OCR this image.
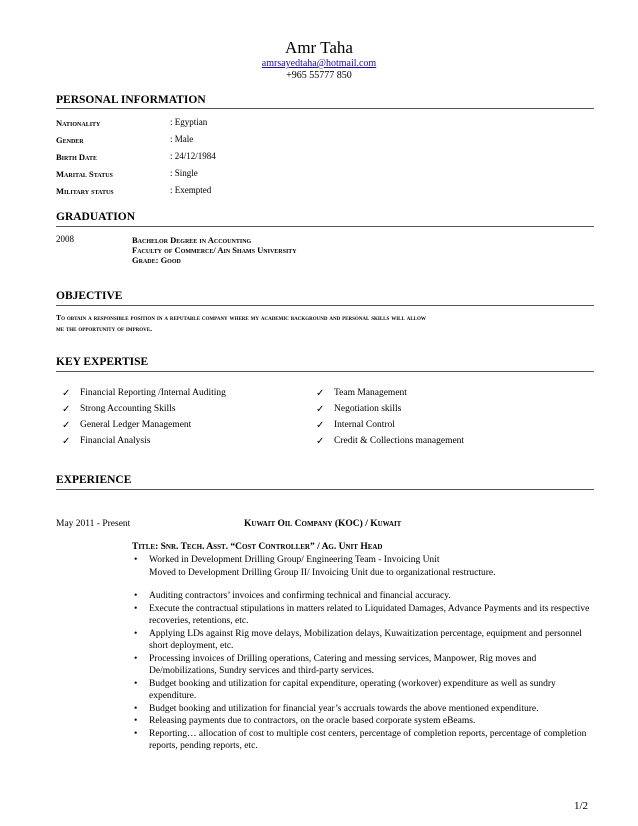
Amr Taha
amrsayedtaha@hotmail.com
+965 55777 850
PERSONAL INFORMATION
Nationality	: Egyptian
Gender	: Male
Birth Date	: 24/12/1984
Marital Status	: Single
Military status	: Exempted
GRADUATION
2008	Bachelor Degree in Accounting
Faculty of Commerce/ Ain Shams University
Grade: Good
OBJECTIVE
To obtain a responsible position in a reputable company where my academic background and personal skills will allow
me the opportunity of improve.
KEY EXPERTISE
✓ Financial Reporting /Internal Auditing
✓ Strong Accounting Skills
✓ General Ledger Management
✓ Financial Analysis
✓ Team Management
✓ Negotiation skills
✓ Internal Control
✓ Credit & Collections management
EXPERIENCE
May 2011 - Present	Kuwait Oil Company (KOC) / Kuwait
Title: Snr. Tech. Asst. “Cost Controller” / Ag. Unit Head
• Worked in Development Drilling Group/ Engineering Team - Invoicing Unit
Moved to Development Drilling Group II/ Invoicing Unit due to organizational restructure.
• Auditing contractors’ invoices and confirming technical and financial accuracy.
• Execute the contractual stipulations in matters related to Liquidated Damages, Advance Payments and its respective recoveries, retentions, etc.
• Applying LDs against Rig move delays, Mobilization delays, Kuwaitization percentage, equipment and personnel short deployment, etc.
• Processing invoices of Drilling operations, Catering and messing services, Manpower, Rig moves and De/mobilizations, Sundry services and third-party services.
• Budget booking and utilization for capital expenditure, operating (workover) expenditure as well as sundry expenditure.
• Budget booking and utilization for financial year’s accruals towards the above mentioned expenditure.
• Releasing payments due to contractors, on the oracle based corporate system eBeams.
• Reporting… allocation of cost to multiple cost centers, percentage of completion reports, percentage of completion reports, pending reports, etc.
1/2
